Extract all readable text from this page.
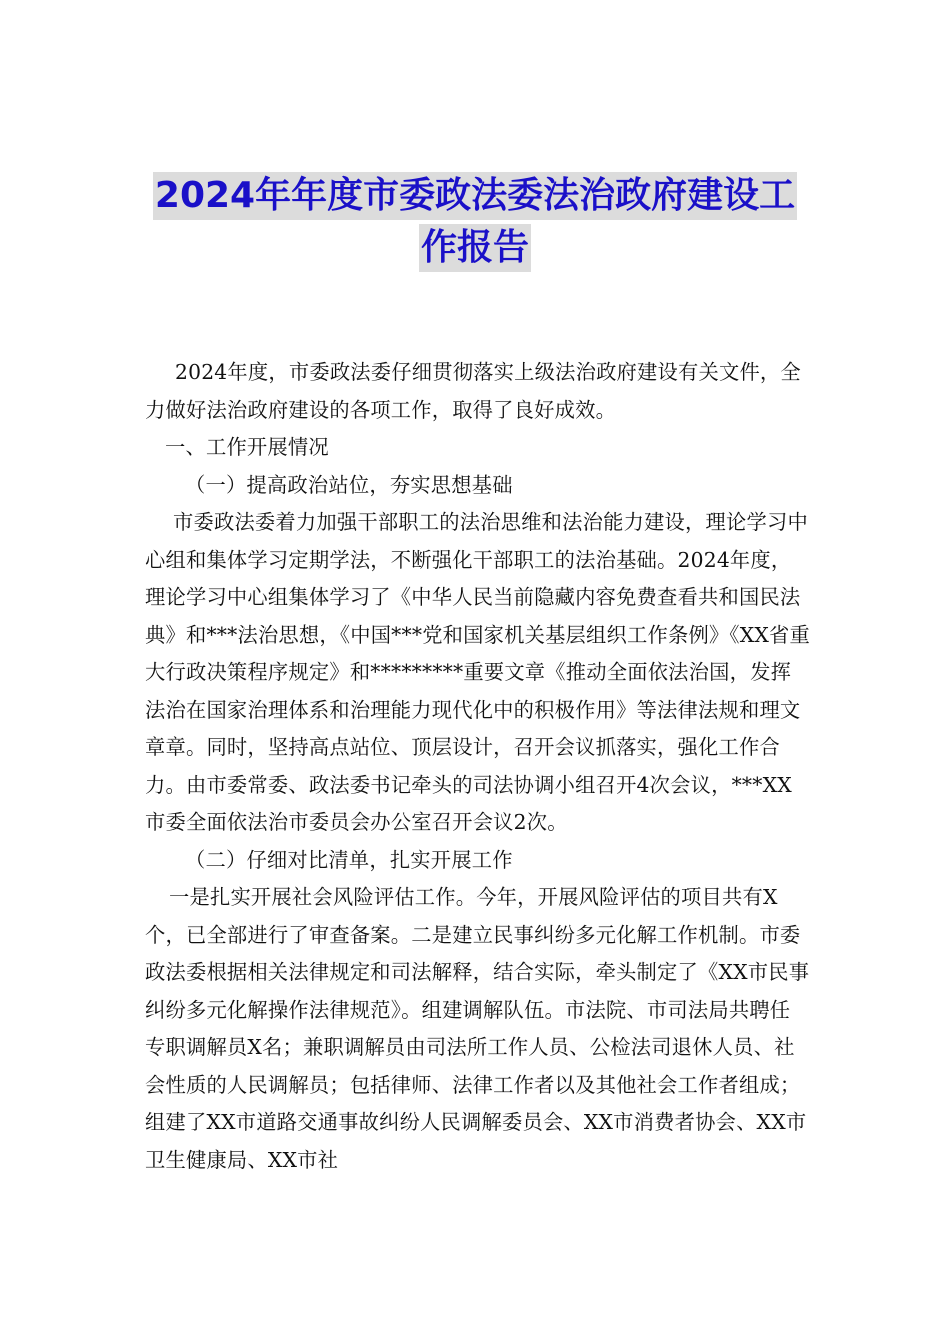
2024年年度市委政法委法治政府建设工
作报告

2024年度，市委政法委仔细贯彻落实上级法治政府建设有关文件，全力做好法治政府建设的各项工作，取得了良好成效。

一、工作开展情况

（一）提高政治站位，夯实思想基础

市委政法委着力加强干部职工的法治思维和法治能力建设，理论学习中心组和集体学习定期学法，不断强化干部职工的法治基础。2024年度，理论学习中心组集体学习了《中华人民当前隐藏内容免费查看共和国民法典》和***法治思想，《中国***党和国家机关基层组织工作条例》《XX省重大行政决策程序规定》和*********重要文章《推动全面依法治国，发挥法治在国家治理体系和治理能力现代化中的积极作用》等法律法规和理文章章。同时，坚持高点站位、顶层设计，召开会议抓落实，强化工作合力。由市委常委、政法委书记牵头的司法协调小组召开4次会议，***XX市委全面依法治市委员会办公室召开会议2次。

（二）仔细对比清单，扎实开展工作

一是扎实开展社会风险评估工作。今年，开展风险评估的项目共有X个，已全部进行了审查备案。二是建立民事纠纷多元化解工作机制。市委政法委根据相关法律规定和司法解释，结合实际，牵头制定了《XX市民事纠纷多元化解操作法律规范》。组建调解队伍。市法院、市司法局共聘任专职调解员X名；兼职调解员由司法所工作人员、公检法司退休人员、社会性质的人民调解员；包括律师、法律工作者以及其他社会工作者组成；组建了XX市道路交通事故纠纷人民调解委员会、XX市消费者协会、XX市卫生健康局、XX市社
